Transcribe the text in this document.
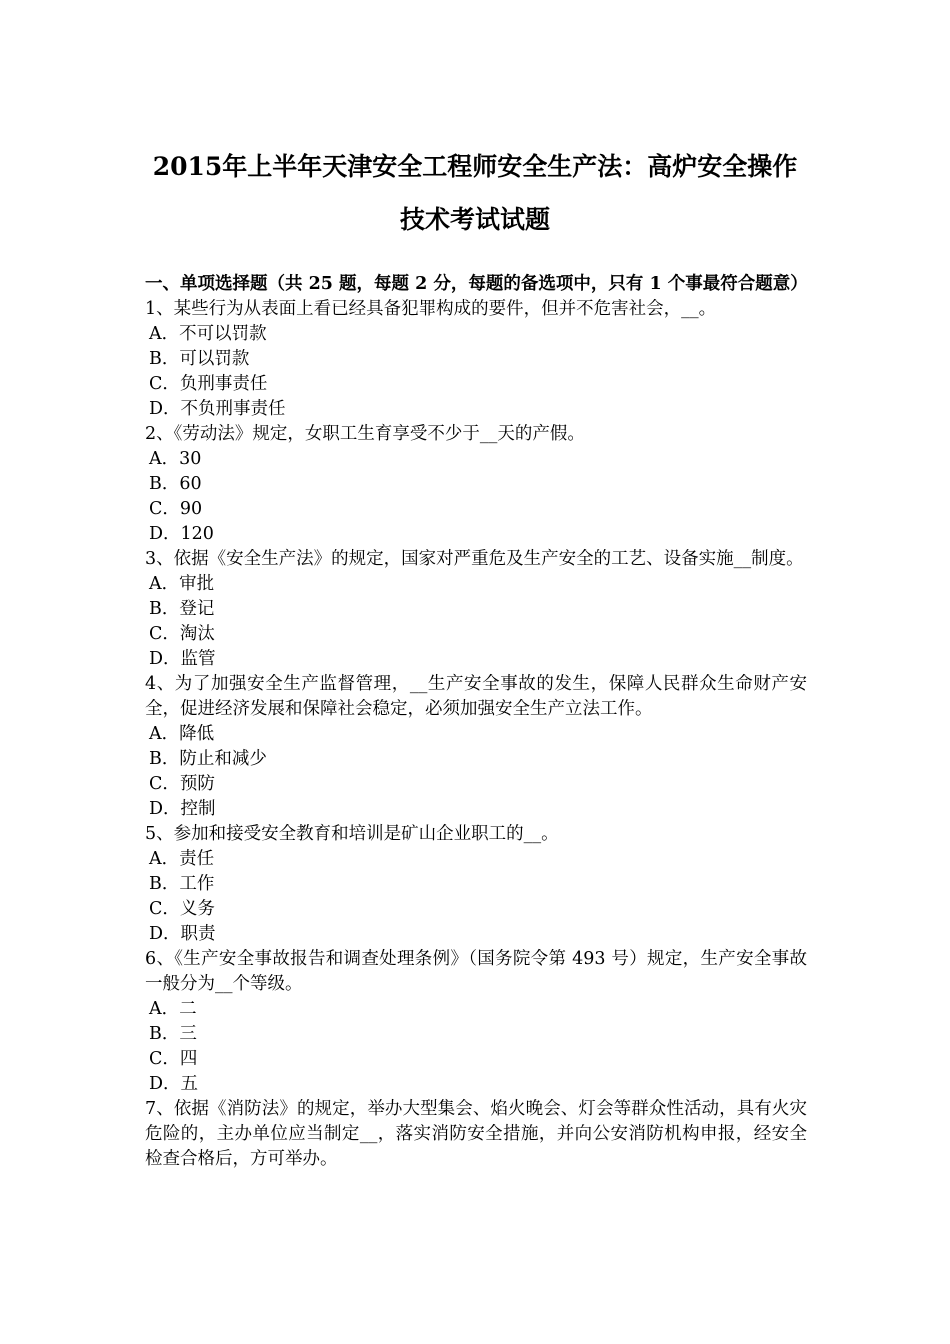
2015年上半年天津安全工程师安全生产法：高炉安全操作
技术考试试题
一、单项选择题（共 25 题，每题 2 分，每题的备选项中，只有 1 个事最符合题意）
1、某些行为从表面上看已经具备犯罪构成的要件，但并不危害社会，__。
A．不可以罚款
B．可以罚款
C．负刑事责任
D．不负刑事责任
2、《劳动法》规定，女职工生育享受不少于__天的产假。
A．30
B．60
C．90
D．120
3、依据《安全生产法》的规定，国家对严重危及生产安全的工艺、设备实施__制度。
A．审批
B．登记
C．淘汰
D．监管
4、为了加强安全生产监督管理，__生产安全事故的发生，保障人民群众生命财产安全，促进经济发展和保障社会稳定，必须加强安全生产立法工作。
A．降低
B．防止和减少
C．预防
D．控制
5、参加和接受安全教育和培训是矿山企业职工的__。
A．责任
B．工作
C．义务
D．职责
6、《生产安全事故报告和调查处理条例》（国务院令第 493 号）规定，生产安全事故一般分为__个等级。
A．二
B．三
C．四
D．五
7、依据《消防法》的规定，举办大型集会、焰火晚会、灯会等群众性活动，具有火灾危险的，主办单位应当制定__，落实消防安全措施，并向公安消防机构申报，经安全检查合格后，方可举办。
